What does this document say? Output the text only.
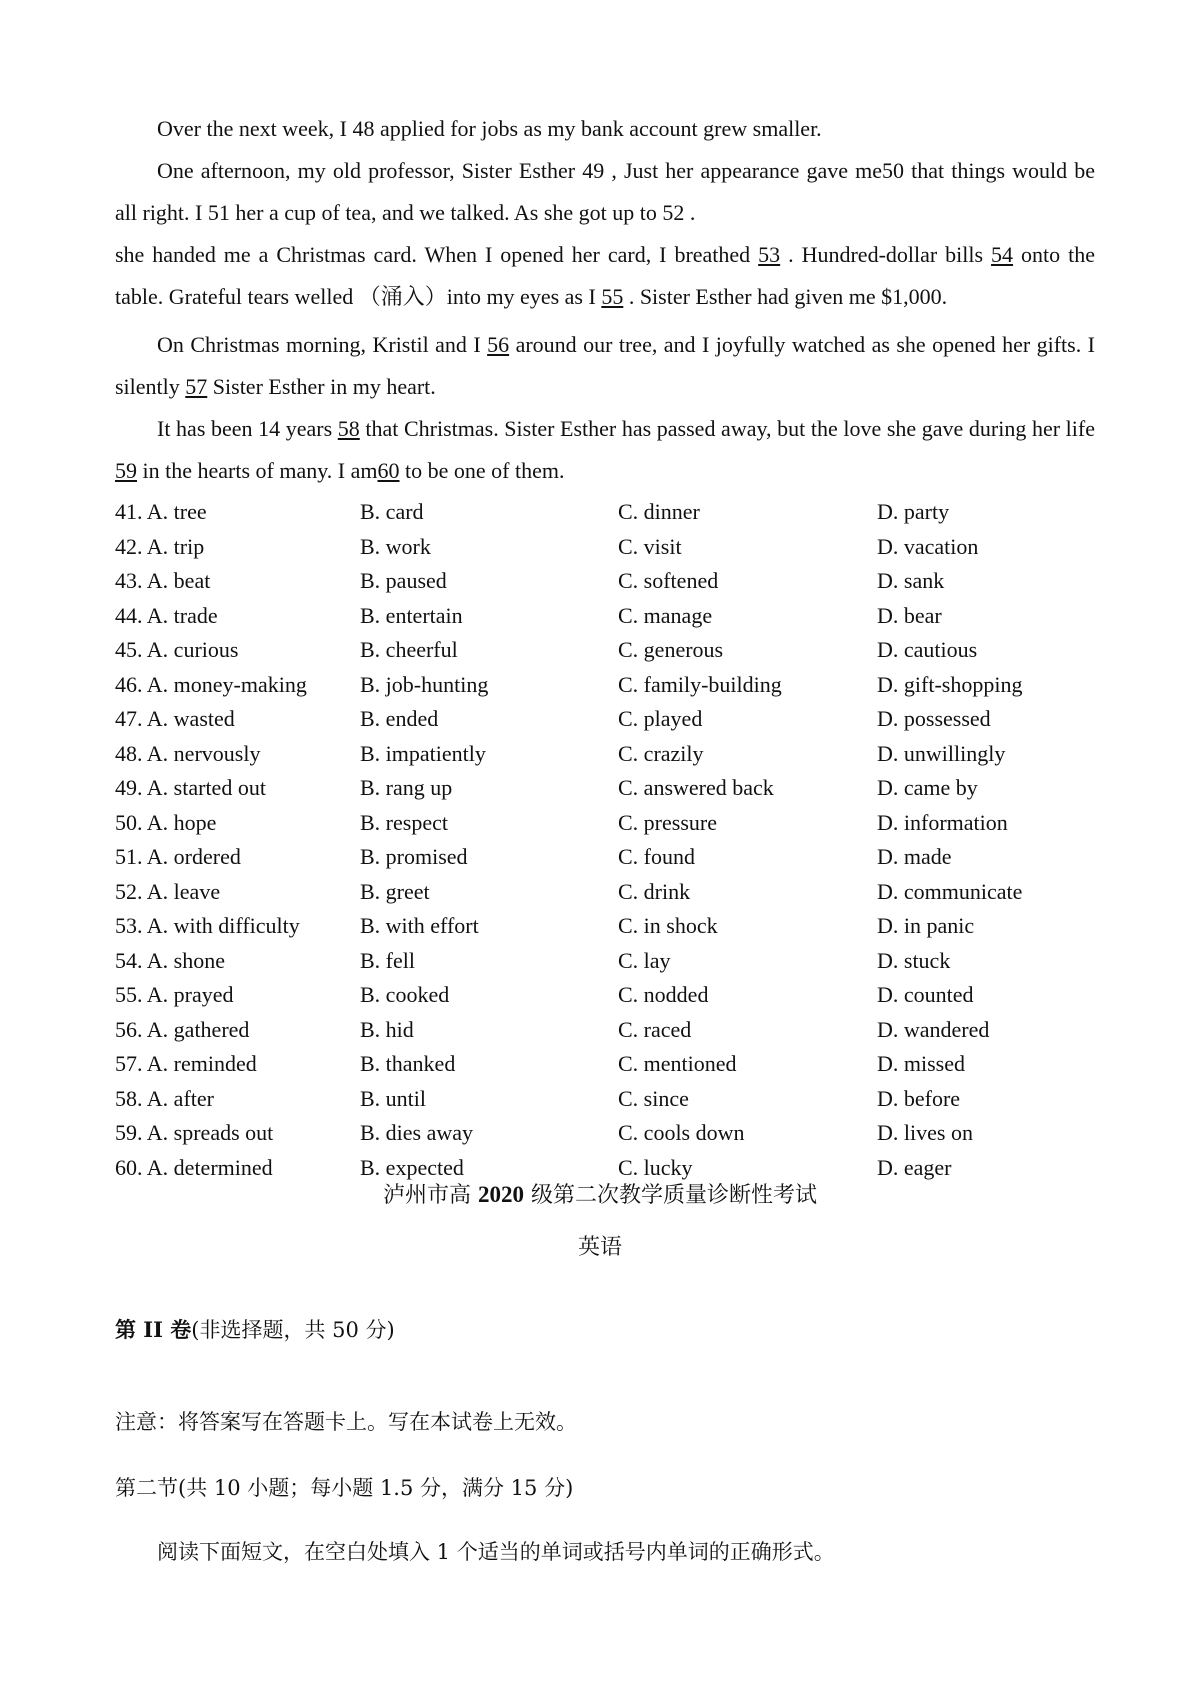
Over the next week, I 48 applied for jobs as my bank account grew smaller.
One afternoon, my old professor, Sister Esther 49 , Just her appearance gave me50 that things would be all right. I 51 her a cup of tea, and we talked. As she got up to 52 .
she handed me a Christmas card. When I opened her card, I breathed 53 . Hundred-dollar bills 54 onto the table. Grateful tears welled （涌入）into my eyes as I 55 . Sister Esther had given me $1,000.
On Christmas morning, Kristil and I 56 around our tree, and I joyfully watched as she opened her gifts. I silently 57 Sister Esther in my heart.
It has been 14 years 58 that Christmas. Sister Esther has passed away, but the love she gave during her life 59 in the hearts of many. I am60 to be one of them.
41. A. tree	B. card	C. dinner	D. party
42. A. trip	B. work	C. visit	D. vacation
43. A. beat	B. paused	C. softened	D. sank
44. A. trade	B. entertain	C. manage	D. bear
45. A. curious	B. cheerful	C. generous	D. cautious
46. A. money-making B. job-hunting	C. family-building	D. gift-shopping
47. A. wasted	B. ended	C. played	D. possessed
48. A. nervously	B. impatiently	C. crazily	D. unwillingly
49. A. started out	B. rang up	C. answered back	D. came by
50. A. hope	B. respect	C. pressure	D. information
51. A. ordered	B. promised	C. found	D. made
52. A. leave	B. greet	C. drink	D. communicate
53. A. with difficulty	B. with effort	C. in shock	D. in panic
54. A. shone	B. fell	C. lay	D. stuck
55. A. prayed	B. cooked	C. nodded	D. counted
56. A. gathered	B. hid	C. raced	D. wandered
57. A. reminded	B. thanked	C. mentioned	D. missed
58. A. after	B. until	C. since	D. before
59. A. spreads out	B. dies away	C. cools down	D. lives on
60. A. determined	B. expected	C. lucky	D. eager
泸州市高 2020 级第二次教学质量诊断性考试
英语
第 II 卷(非选择题，共 50 分)
注意：将答案写在答题卡上。写在本试卷上无效。
第二节(共 10 小题；每小题 1.5 分，满分 15 分)
阅读下面短文，在空白处填入 1 个适当的单词或括号内单词的正确形式。
